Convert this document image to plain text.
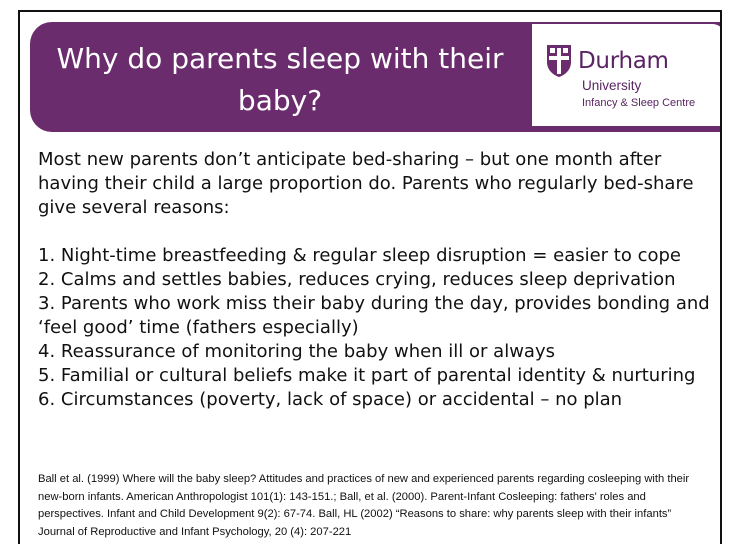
Why do parents sleep with their baby?
Durham
University
Infancy & Sleep Centre

Most new parents don’t anticipate bed-sharing – but one month after having their child a large proportion do. Parents who regularly bed-share give several reasons:

1. Night-time breastfeeding & regular sleep disruption = easier to cope

2. Calms and settles babies, reduces crying, reduces sleep deprivation

3. Parents who work miss their baby during the day, provides bonding and ‘feel good’ time (fathers especially)

4. Reassurance of monitoring the baby when ill or always

5. Familial or cultural beliefs make it part of parental identity & nurturing

6. Circumstances (poverty, lack of space) or accidental – no plan

Ball et al. (1999) Where will the baby sleep? Attitudes and practices of new and experienced parents regarding cosleeping with their new-born infants. American Anthropologist 101(1): 143-151.; Ball, et al. (2000). Parent-Infant Cosleeping: fathers' roles and perspectives. Infant and Child Development 9(2): 67-74. Ball, HL (2002) “Reasons to share: why parents sleep with their infants” Journal of Reproductive and Infant Psychology, 20 (4): 207-221
